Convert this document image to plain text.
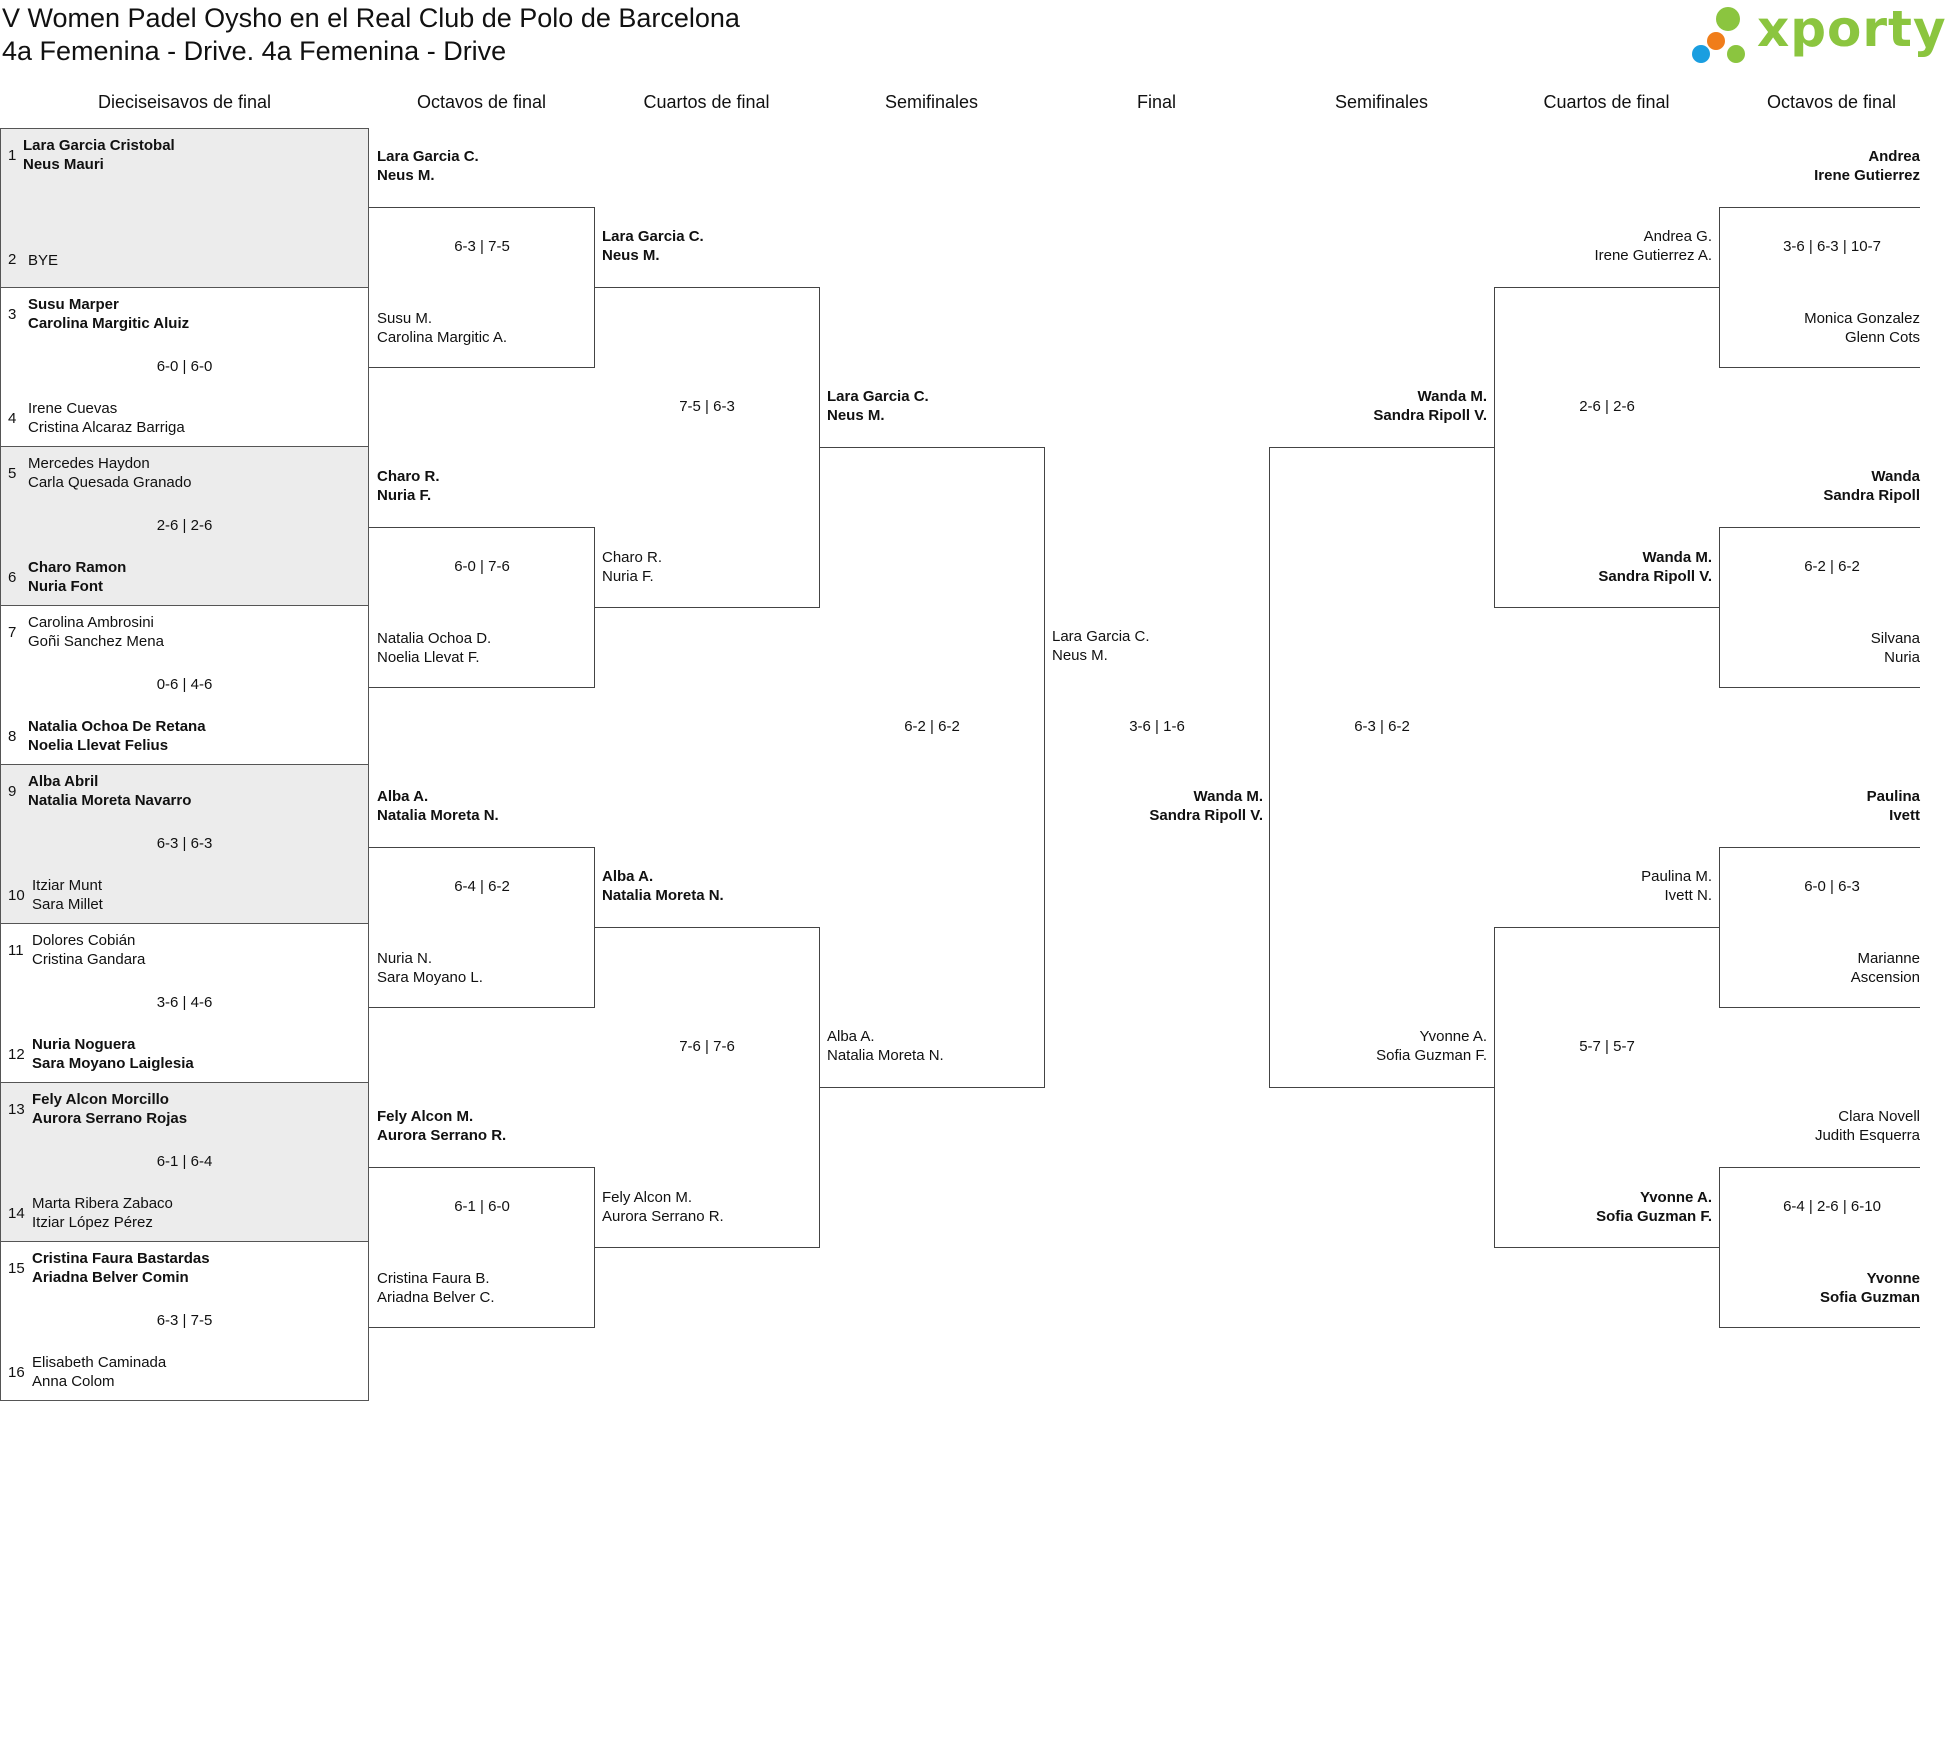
V Women Padel Oysho en el Real Club de Polo de Barcelona
4a Femenina - Drive. 4a Femenina - Drive	xporty
Dieciseisavos de final	Octavos de final	Cuartos de final	Semifinales	Final	Semifinales	Cuartos de final	Octavos de final
1
Lara Garcia Cristobal
Neus Mauri
2 BYE
3
Susu Marper
Carolina Margitic Aluiz
6-0 | 6-0
4
Irene Cuevas
Cristina Alcaraz Barriga
5
Mercedes Haydon
Carla Quesada Granado
2-6 | 2-6
6
Charo Ramon
Nuria Font
7
Carolina Ambrosini
Goñi Sanchez Mena
0-6 | 4-6
8
Natalia Ochoa De Retana
Noelia Llevat Felius
9
Alba Abril
Natalia Moreta Navarro
6-3 | 6-3
10
Itziar Munt
Sara Millet
11
Dolores Cobián
Cristina Gandara
3-6 | 4-6
12
Nuria Noguera
Sara Moyano Laiglesia
13
Fely Alcon Morcillo
Aurora Serrano Rojas
6-1 | 6-4
14
Marta Ribera Zabaco
Itziar López Pérez
15
Cristina Faura Bastardas
Ariadna Belver Comin
6-3 | 7-5
16
Elisabeth Caminada
Anna Colom
Lara Garcia C.
Neus M.
Susu M.
Carolina Margitic A.
6-3 | 7-5
Charo R.
Nuria F.
Natalia Ochoa D.
Noelia Llevat F.
6-0 | 7-6
Alba A.
Natalia Moreta N.
Nuria N.
Sara Moyano L.
6-4 | 6-2
Fely Alcon M.
Aurora Serrano R.
Cristina Faura B.
Ariadna Belver C.
6-1 | 6-0
Lara Garcia C.
Neus M.
Charo R.
Nuria F.
7-5 | 6-3
Alba A.
Natalia Moreta N.
Fely Alcon M.
Aurora Serrano R.
7-6 | 7-6
Lara Garcia C.
Neus M.
Alba A.
Natalia Moreta N.
6-2 | 6-2
Lara Garcia C.
Neus M.
Wanda M.
Sandra Ripoll V.
3-6 | 1-6
Wanda M.
Sandra Ripoll V.
Yvonne A.
Sofia Guzman F.
6-3 | 6-2
Andrea G.
Irene Gutierrez A.
Wanda M.
Sandra Ripoll V.
2-6 | 2-6
Paulina M.
Ivett N.
Yvonne A.
Sofia Guzman F.
5-7 | 5-7
Andrea
Irene Gutierrez
Monica Gonzalez
Glenn Cots
3-6 | 6-3 | 10-7
Wanda
Sandra Ripoll
Silvana
Nuria
6-2 | 6-2
Paulina
Ivett
Marianne
Ascension
6-0 | 6-3
Clara Novell
Judith Esquerra
Yvonne
Sofia Guzman
6-4 | 2-6 | 6-10
